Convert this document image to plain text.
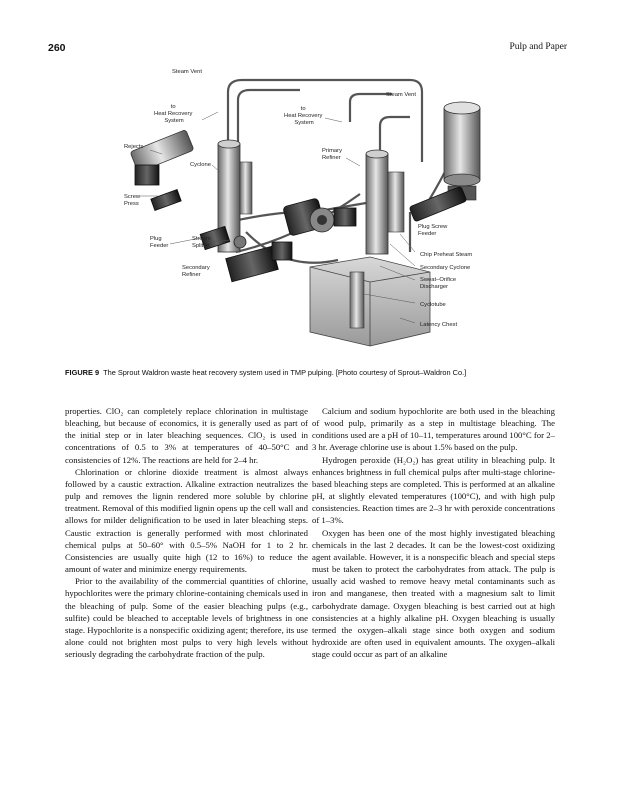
260	Pulp and Paper
Steam Vent
to Heat Recovery System
to Heat Recovery System
Steam Vent
Rejects
Cyclone
Screw Press
Primary Refiner
Plug Feeder
Stream Splitter
Secondary Refiner
Plug Screw Feeder
Chip Preheat Steam
Secondary Cyclone
Sweat–Orifice Discharger
Cyclotube
Latency Chest
FIGURE 9 The Sprout Waldron waste heat recovery system used in TMP pulping. [Photo courtesy of Sprout–Waldron Co.]

properties. ClO₂ can completely replace chlorination in multistage bleaching, but because of economics, it is generally used as part of the initial step or in later bleaching sequences. ClO₂ is used in concentrations of 0.5 to 3% at temperatures of 40–50°C and consistencies of 12%. The reactions are held for 2–4 hr.

Chlorination or chlorine dioxide treatment is almost always followed by a caustic extraction. Alkaline extraction neutralizes the pulp and removes the lignin rendered more soluble by chlorine treatment. Removal of this modified lignin opens up the cell wall and allows for milder delignification to be used in later bleaching steps. Caustic extraction is generally performed with most chlorinated chemical pulps at 50–60° with 0.5–5% NaOH for 1 to 2 hr. Consistencies are usually quite high (12 to 16%) to reduce the amount of water and minimize energy requirements.

Prior to the availability of the commercial quantities of chlorine, hypochlorites were the primary chlorine-containing chemicals used in the bleaching of pulp. Some of the easier bleaching pulps (e.g., sulfite) could be bleached to acceptable levels of brightness in one stage. Hypochlorite is a nonspecific oxidizing agent; therefore, its use alone could not brighten most pulps to very high levels without seriously degrading the carbohydrate fraction of the pulp.

Calcium and sodium hypochlorite are both used in the bleaching of wood pulp, primarily as a step in multistage bleaching. The conditions used are a pH of 10–11, temperatures around 100°C for 2–3 hr. Average chlorine use is about 1.5% based on the pulp.

Hydrogen peroxide (H₂O₂) has great utility in bleaching pulp. It enhances brightness in full chemical pulps after multi-stage chlorine-based bleaching steps are completed. This is performed at an alkaline pH, at slightly elevated temperatures (100°C), and with high pulp consistencies. Reaction times are 2–3 hr with peroxide concentrations of 1–3%.

Oxygen has been one of the most highly investigated bleaching chemicals in the last 2 decades. It can be the lowest-cost oxidizing agent available. However, it is a nonspecific bleach and special steps must be taken to protect the carbohydrates from attack. The pulp is usually acid washed to remove heavy metal contaminants such as iron and manganese, then treated with a magnesium salt to limit carbohydrate damage. Oxygen bleaching is best carried out at high consistencies at a highly alkaline pH. Oxygen bleaching is usually termed the oxygen–alkali stage since both oxygen and sodium hydroxide are often used in equivalent amounts. The oxygen–alkali stage could occur as part of an alkaline
